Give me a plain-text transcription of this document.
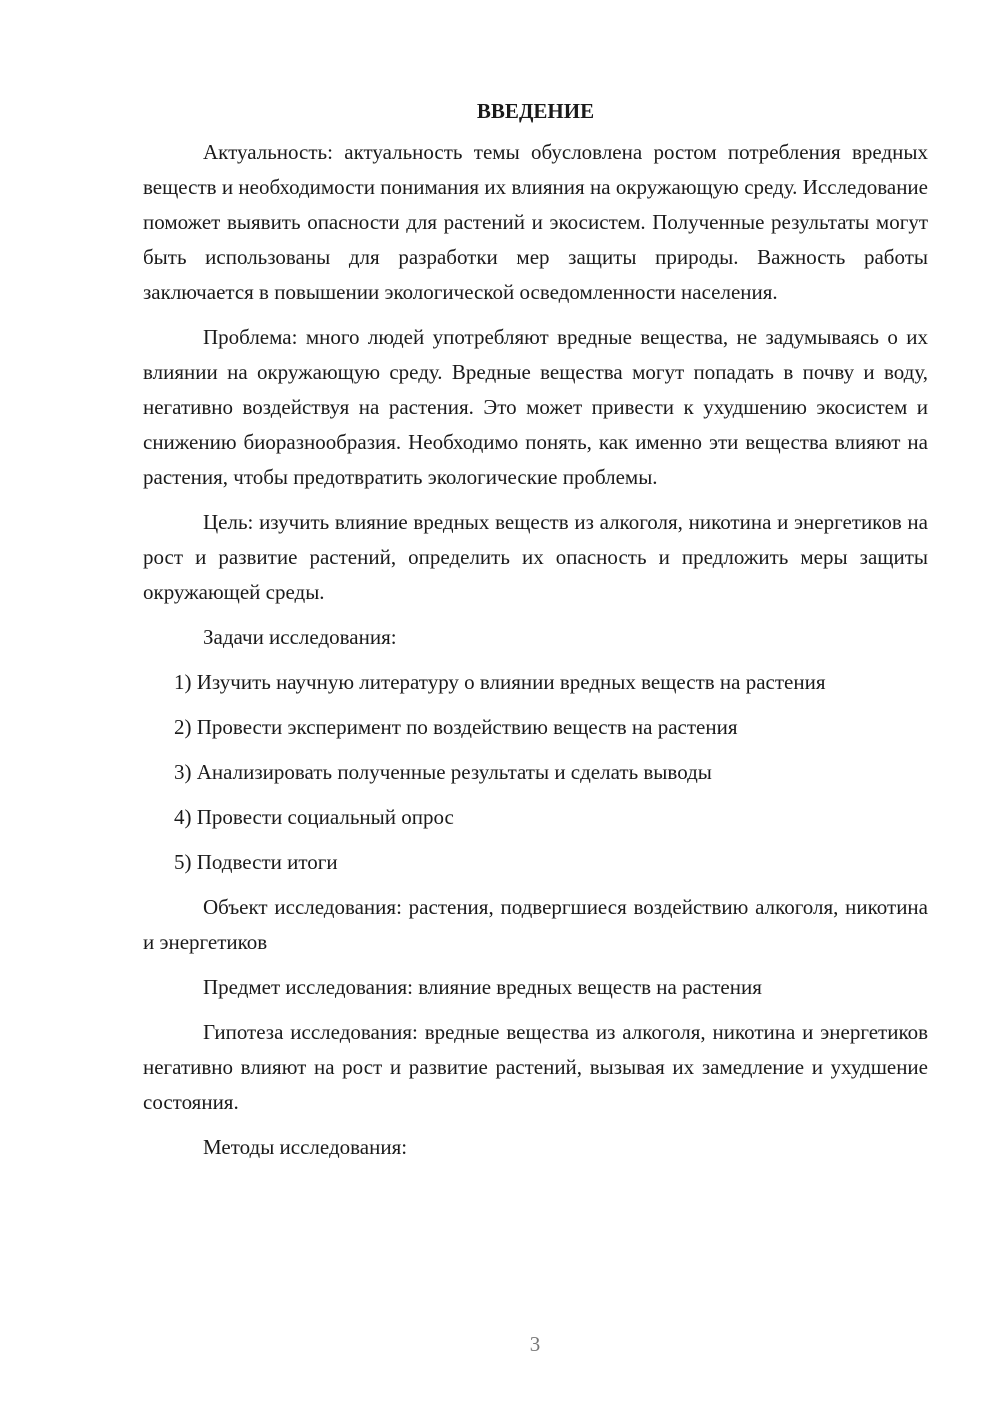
ВВЕДЕНИЕ

Актуальность: актуальность темы обусловлена ростом потребления вредных веществ и необходимости понимания их влияния на окружающую среду. Исследование поможет выявить опасности для растений и экосистем. Полученные результаты могут быть использованы для разработки мер защиты природы. Важность работы заключается в повышении экологической осведомленности населения.

Проблема: много людей употребляют вредные вещества, не задумываясь о их влиянии на окружающую среду. Вредные вещества могут попадать в почву и воду, негативно воздействуя на растения. Это может привести к ухудшению экосистем и снижению биоразнообразия. Необходимо понять, как именно эти вещества влияют на растения, чтобы предотвратить экологические проблемы.

Цель: изучить влияние вредных веществ из алкоголя, никотина и энергетиков на рост и развитие растений, определить их опасность и предложить меры защиты окружающей среды.

Задачи исследования:

1) Изучить научную литературу о влиянии вредных веществ на растения

2) Провести эксперимент по воздействию веществ на растения

3) Анализировать полученные результаты и сделать выводы

4) Провести социальный опрос

5) Подвести итоги

Объект исследования: растения, подвергшиеся воздействию алкоголя, никотина и энергетиков

Предмет исследования: влияние вредных веществ на растения

Гипотеза исследования: вредные вещества из алкоголя, никотина и энергетиков негативно влияют на рост и развитие растений, вызывая их замедление и ухудшение состояния.

Методы исследования:

3
